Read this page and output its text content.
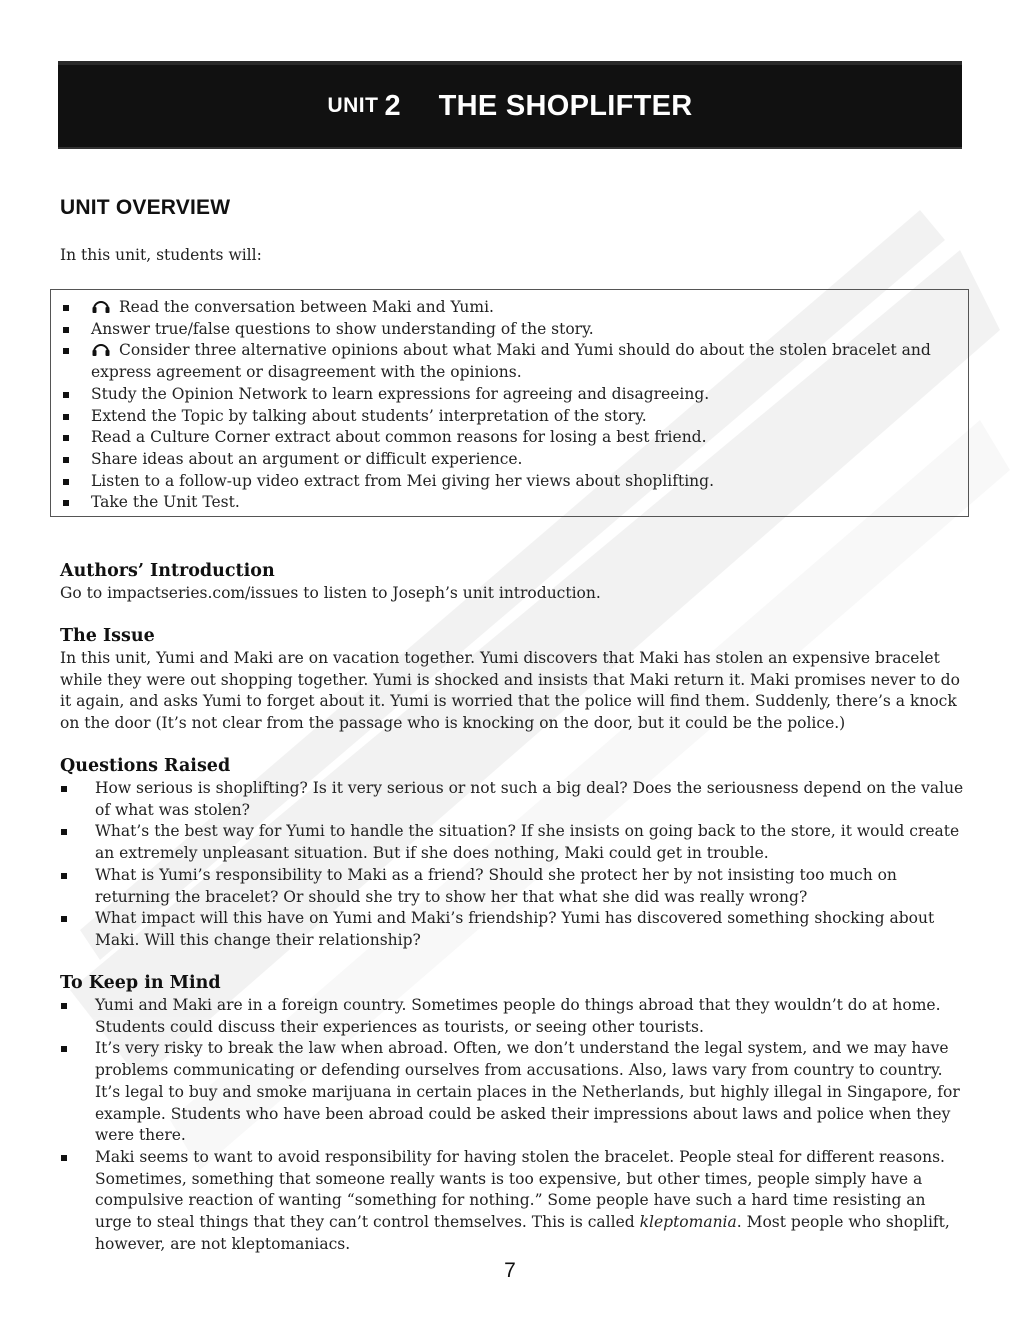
UNIT 2 THE SHOPLIFTER
UNIT OVERVIEW

In this unit, students will:

Read the conversation between Maki and Yumi.
Answer true/false questions to show understanding of the story.
Consider three alternative opinions about what Maki and Yumi should do about the stolen bracelet and express agreement or disagreement with the opinions.
Study the Opinion Network to learn expressions for agreeing and disagreeing.
Extend the Topic by talking about students’ interpretation of the story.
Read a Culture Corner extract about common reasons for losing a best friend.
Share ideas about an argument or difficult experience.
Listen to a follow-up video extract from Mei giving her views about shoplifting.
Take the Unit Test.
Authors’ Introduction

Go to impactseries.com/issues to listen to Joseph’s unit introduction.

The Issue

In this unit, Yumi and Maki are on vacation together. Yumi discovers that Maki has stolen an expensive bracelet while they were out shopping together. Yumi is shocked and insists that Maki return it. Maki promises never to do it again, and asks Yumi to forget about it. Yumi is worried that the police will find them. Suddenly, there’s a knock on the door (It’s not clear from the passage who is knocking on the door, but it could be the police.)

Questions Raised
How serious is shoplifting? Is it very serious or not such a big deal? Does the seriousness depend on the value of what was stolen?
What’s the best way for Yumi to handle the situation? If she insists on going back to the store, it would create an extremely unpleasant situation. But if she does nothing, Maki could get in trouble.
What is Yumi’s responsibility to Maki as a friend? Should she protect her by not insisting too much on returning the bracelet? Or should she try to show her that what she did was really wrong?
What impact will this have on Yumi and Maki’s friendship? Yumi has discovered something shocking about Maki. Will this change their relationship?
To Keep in Mind
Yumi and Maki are in a foreign country. Sometimes people do things abroad that they wouldn’t do at home. Students could discuss their experiences as tourists, or seeing other tourists.
It’s very risky to break the law when abroad. Often, we don’t understand the legal system, and we may have problems communicating or defending ourselves from accusations. Also, laws vary from country to country. It’s legal to buy and smoke marijuana in certain places in the Netherlands, but highly illegal in Singapore, for example. Students who have been abroad could be asked their impressions about laws and police when they were there.
Maki seems to want to avoid responsibility for having stolen the bracelet. People steal for different reasons. Sometimes, something that someone really wants is too expensive, but other times, people simply have a compulsive reaction of wanting “something for nothing.” Some people have such a hard time resisting an urge to steal things that they can’t control themselves. This is called kleptomania. Most people who shoplift, however, are not kleptomaniacs.
7
